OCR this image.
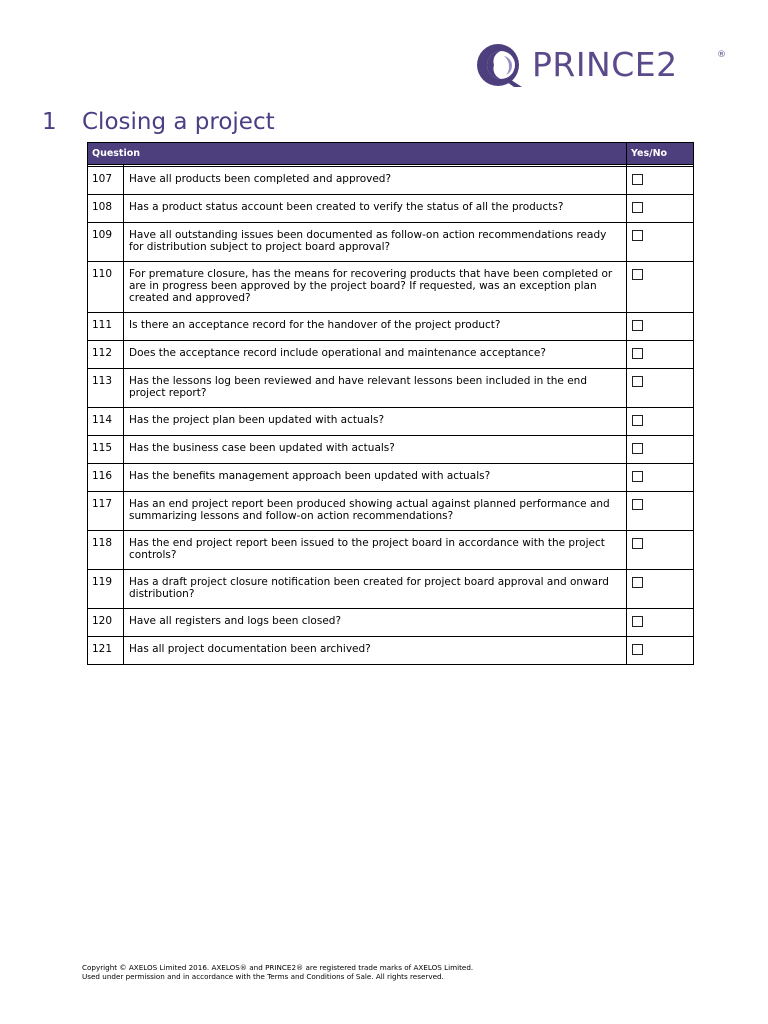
PRINCE2	®
1 Closing a project
Question		Yes/No

107	Have all products been completed and approved?	
108	Has a product status account been created to verify the status of all the products?	
109	Have all outstanding issues been documented as follow-on action recommendations ready for distribution subject to project board approval?	
110	For premature closure, has the means for recovering products that have been completed or are in progress been approved by the project board? If requested, was an exception plan created and approved?	
111	Is there an acceptance record for the handover of the project product?	
112	Does the acceptance record include operational and maintenance acceptance?	
113	Has the lessons log been reviewed and have relevant lessons been included in the end project report?	
114	Has the project plan been updated with actuals?	
115	Has the business case been updated with actuals?	
116	Has the benefits management approach been updated with actuals?	
117	Has an end project report been produced showing actual against planned performance and summarizing lessons and follow-on action recommendations?	
118	Has the end project report been issued to the project board in accordance with the project controls?	
119	Has a draft project closure notification been created for project board approval and onward distribution?	
120	Have all registers and logs been closed?	
121	Has all project documentation been archived?	
Copyright © AXELOS Limited 2016. AXELOS® and PRINCE2® are registered trade marks of AXELOS Limited.
Used under permission and in accordance with the Terms and Conditions of Sale. All rights reserved.
